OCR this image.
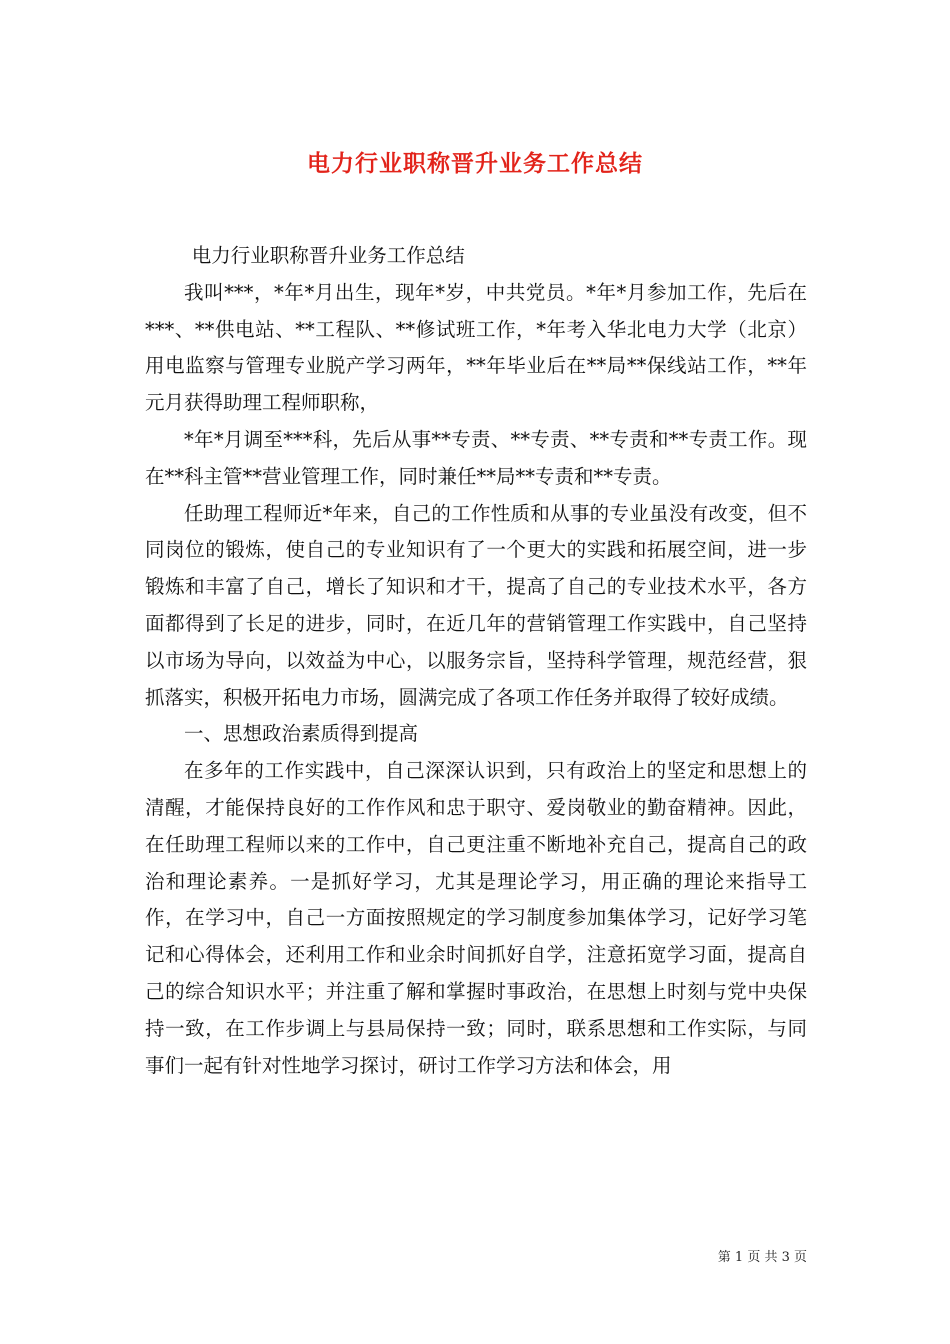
电力行业职称晋升业务工作总结

电力行业职称晋升业务工作总结

我叫***，*年*月出生，现年*岁，中共党员。*年*月参加工作，先后在***、**供电站、**工程队、**修试班工作，*年考入华北电力大学（北京）用电监察与管理专业脱产学习两年，**年毕业后在**局**保线站工作，**年元月获得助理工程师职称，

*年*月调至***科，先后从事**专责、**专责、**专责和**专责工作。现在**科主管**营业管理工作，同时兼任**局**专责和**专责。

任助理工程师近*年来，自己的工作性质和从事的专业虽没有改变，但不同岗位的锻炼，使自己的专业知识有了一个更大的实践和拓展空间，进一步锻炼和丰富了自己，增长了知识和才干，提高了自己的专业技术水平，各方面都得到了长足的进步，同时，在近几年的营销管理工作实践中，自己坚持以市场为导向，以效益为中心，以服务宗旨，坚持科学管理，规范经营，狠抓落实，积极开拓电力市场，圆满完成了各项工作任务并取得了较好成绩。

一、思想政治素质得到提高

在多年的工作实践中，自己深深认识到，只有政治上的坚定和思想上的清醒，才能保持良好的工作作风和忠于职守、爱岗敬业的勤奋精神。因此，在任助理工程师以来的工作中，自己更注重不断地补充自己，提高自己的政治和理论素养。一是抓好学习，尤其是理论学习，用正确的理论来指导工作，在学习中，自己一方面按照规定的学习制度参加集体学习，记好学习笔记和心得体会，还利用工作和业余时间抓好自学，注意拓宽学习面，提高自己的综合知识水平；并注重了解和掌握时事政治，在思想上时刻与党中央保持一致，在工作步调上与县局保持一致；同时，联系思想和工作实际，与同事们一起有针对性地学习探讨，研讨工作学习方法和体会，用

第 1 页 共 3 页
